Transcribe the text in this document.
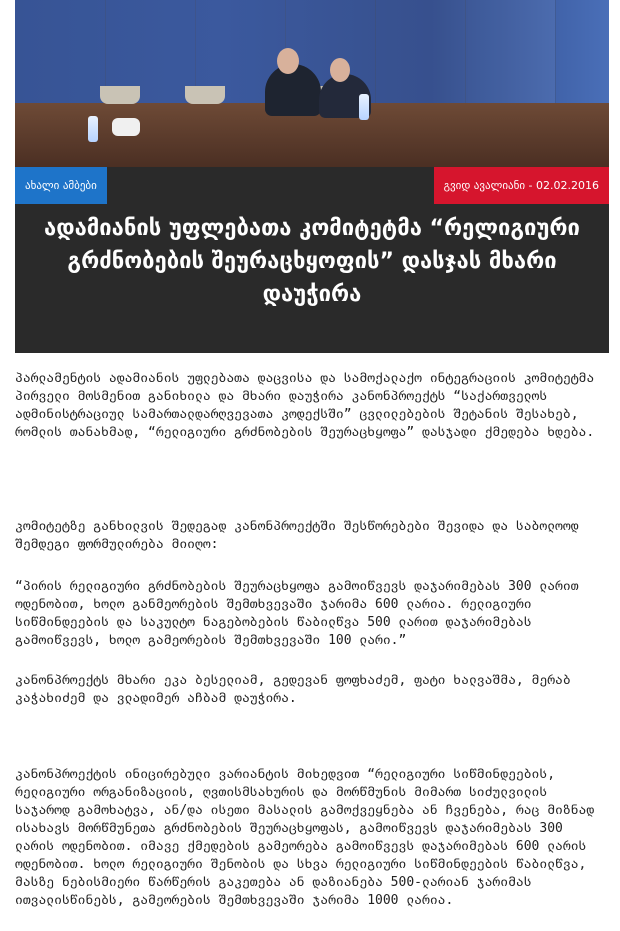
ახალი ამბები	გვიდ ავალიანი - 02.02.2016
ადამიანის უფლებათა კომიტეტმა “რელიგიური გრძნობების შეურაცხყოფის” დასჯას მხარი დაუჭირა

პარლამენტის ადამიანის უფლებათა დაცვისა და სამოქალაქო ინტეგრაციის კომიტეტმა პირველი მოსმენით განიხილა და მხარი დაუჭირა კანონპროექტს “საქართველოს ადმინისტრაციულ სამართალდარღვევათა კოდექსში” ცვლილებების შეტანის შესახებ, რომლის თანახმად, “რელიგიური გრძნობების შეურაცხყოფა” დასჯადი ქმედება ხდება.

კომიტეტზე განხილვის შედეგად კანონპროექტში შესწორებები შევიდა და საბოლოოდ შემდეგი ფორმულირება მიიღო:

“პირის რელიგიური გრძნობების შეურაცხყოფა გამოიწვევს დაჯარიმებას 300 ლარით ოდენობით, ხოლო განმეორების შემთხვევაში ჯარიმა 600 ლარია. რელიგიური სიწმინდეების და საკულტო ნაგებობების წაბილწვა 500 ლარით დაჯარიმებას გამოიწვევს, ხოლო გამეორების შემთხვევაში 100 ლარი.”

კანონპროექტს მხარი ეკა ბესელიამ, გედევან ფოფხაძემ, ფატი ხალვაშმა, მერაბ კაჭახიძემ და ვლადიმერ აჩბამ დაუჭირა.

კანონპროექტის ინიცირებული ვარიანტის მიხედვით “რელიგიური სიწმინდეების, რელიგიური ორგანიზაციის, ღვთისმსახურის და მორწმუნის მიმართ სიძულვილის საჯაროდ გამოხატვა, ან/და ისეთი მასალის გამოქვეყნება ან ჩვენება, რაც მიზნად ისახავს მორწმუნეთა გრძნობების შეურაცხყოფას, გამოიწვევს დაჯარიმებას 300 ლარის ოდენობით. იმავე ქმედების გამეორება გამოიწვევს დაჯარიმებას 600 ლარის ოდენობით. ხოლო რელიგიური შენობის და სხვა რელიგიური სიწმინდეების წაბილწვა, მასზე ნებისმიერი წარწერის გაკეთება ან დაზიანება 500-ლარიან ჯარიმას ითვალისწინებს, გამეორების შემთხვევაში ჯარიმა 1000 ლარია.
